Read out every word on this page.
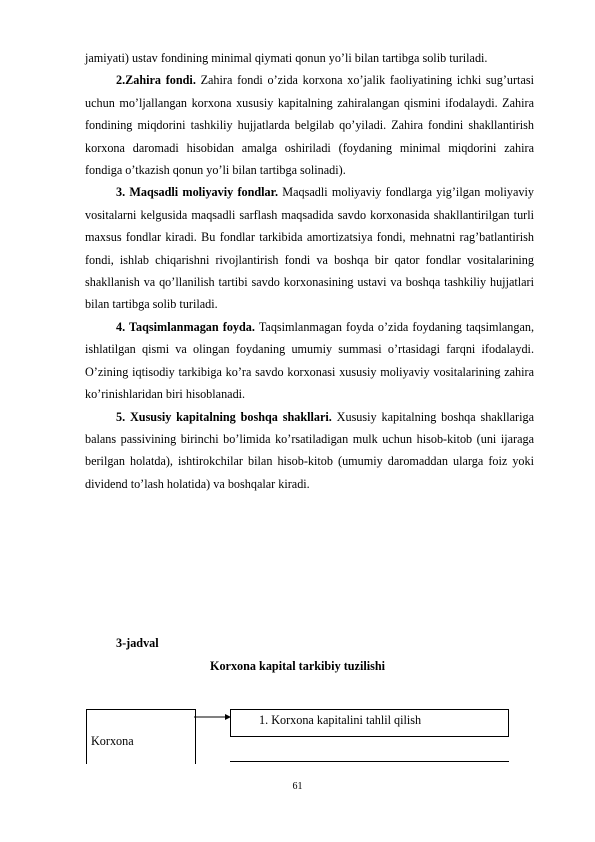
jamiyati) ustav fondining minimal qiymati qonun yo’li bilan tartibga solib turiladi.

2.Zahira fondi. Zahira fondi o’zida korxona xo’jalik faoliyatining ichki sug’urtasi uchun mo’ljallangan korxona xususiy kapitalning zahiralangan qismini ifodalaydi. Zahira fondining miqdorini tashkiliy hujjatlarda belgilab qo’yiladi. Zahira fondini shakllantirish korxona daromadi hisobidan amalga oshiriladi (foydaning minimal miqdorini zahira fondiga o’tkazish qonun yo’li bilan tartibga solinadi).

3. Maqsadli moliyaviy fondlar. Maqsadli moliyaviy fondlarga yig’ilgan moliyaviy vositalarni kelgusida maqsadli sarflash maqsadida savdo korxonasida shakllantirilgan turli maxsus fondlar kiradi. Bu fondlar tarkibida amortizatsiya fondi, mehnatni rag’batlantirish fondi, ishlab chiqarishni rivojlantirish fondi va boshqa bir qator fondlar vositalarining shakllanish va qo’llanilish tartibi savdo korxonasining ustavi va boshqa tashkiliy hujjatlari bilan tartibga solib turiladi.

4. Taqsimlanmagan foyda. Taqsimlanmagan foyda o’zida foydaning taqsimlangan, ishlatilgan qismi va olingan foydaning umumiy summasi o’rtasidagi farqni ifodalaydi. O’zining iqtisodiy tarkibiga ko’ra savdo korxonasi xususiy moliyaviy vositalarining zahira ko’rinishlaridan biri hisoblanadi.

5. Xususiy kapitalning boshqa shakllari. Xususiy kapitalning boshqa shakllariga balans passivining birinchi bo’limida ko’rsatiladigan mulk uchun hisob-kitob (uni ijaraga berilgan holatda), ishtirokchilar bilan hisob-kitob (umumiy daromaddan ularga foiz yoki dividend to’lash holatida) va boshqalar kiradi.

3-jadval
Korxona kapital tarkibiy tuzilishi
Korxona
1. Korxona kapitalini tahlil qilish
61
